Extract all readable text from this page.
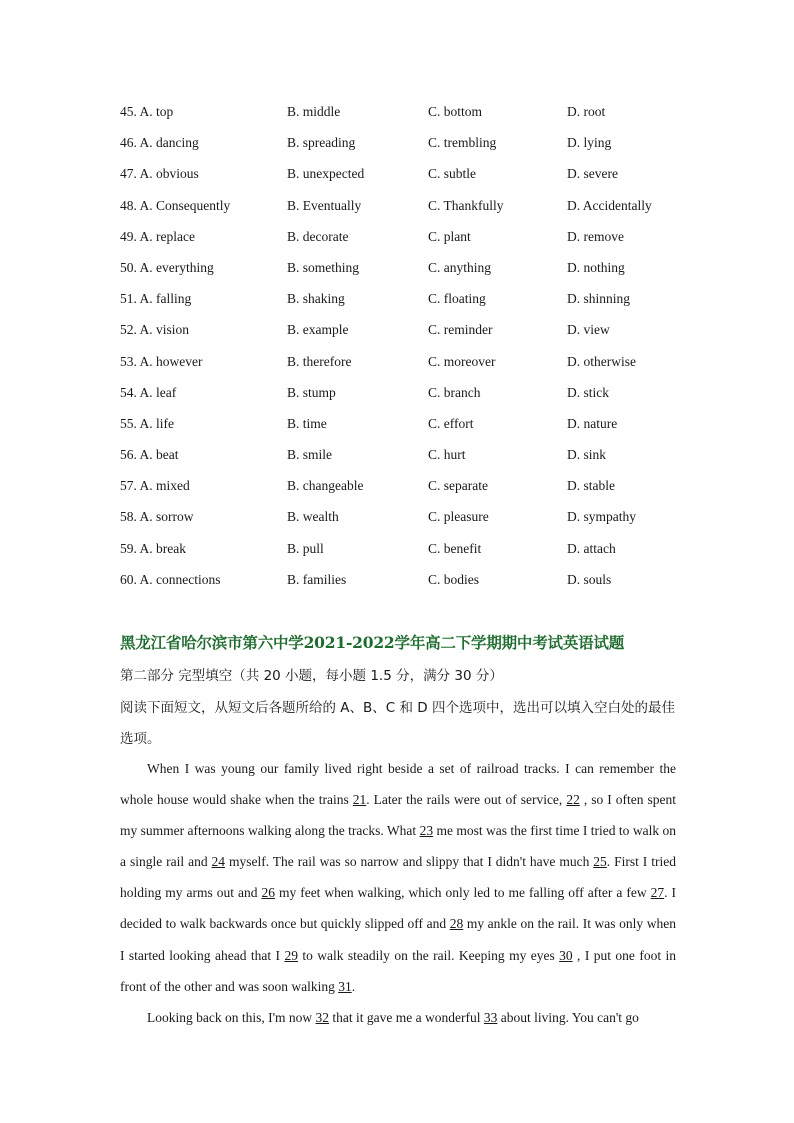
45. A. top	B. middle	C. bottom	D. root
46. A. dancing	B. spreading	C. trembling	D. lying
47. A. obvious	B. unexpected	C. subtle	D. severe
48. A. Consequently	B. Eventually	C. Thankfully	D. Accidentally
49. A. replace	B. decorate	C. plant	D. remove
50. A. everything	B. something	C. anything	D. nothing
51. A. falling	B. shaking	C. floating	D. shinning
52. A. vision	B. example	C. reminder	D. view
53. A. however	B. therefore	C. moreover	D. otherwise
54. A. leaf	B. stump	C. branch	D. stick
55. A. life	B. time	C. effort	D. nature
56. A. beat	B. smile	C. hurt	D. sink
57. A. mixed	B. changeable	C. separate	D. stable
58. A. sorrow	B. wealth	C. pleasure	D. sympathy
59. A. break	B. pull	C. benefit	D. attach
60. A. connections	B. families	C. bodies	D. souls
黑龙江省哈尔滨市第六中学2021-2022学年高二下学期期中考试英语试题
第二部分 完型填空（共 20 小题，每小题 1.5 分，满分 30 分）
阅读下面短文，从短文后各题所给的 A、B、C 和 D 四个选项中，选出可以填入空白处的最佳选项。

When I was young our family lived right beside a set of railroad tracks. I can remember the whole house would shake when the trains 21. Later the rails were out of service, 22 , so I often spent my summer afternoons walking along the tracks. What 23 me most was the first time I tried to walk on a single rail and 24 myself. The rail was so narrow and slippy that I didn't have much 25. First I tried holding my arms out and 26 my feet when walking, which only led to me falling off after a few 27. I decided to walk backwards once but quickly slipped off and 28 my ankle on the rail. It was only when I started looking ahead that I 29 to walk steadily on the rail. Keeping my eyes 30 , I put one foot in front of the other and was soon walking 31.

Looking back on this, I'm now 32 that it gave me a wonderful 33 about living. You can't go
